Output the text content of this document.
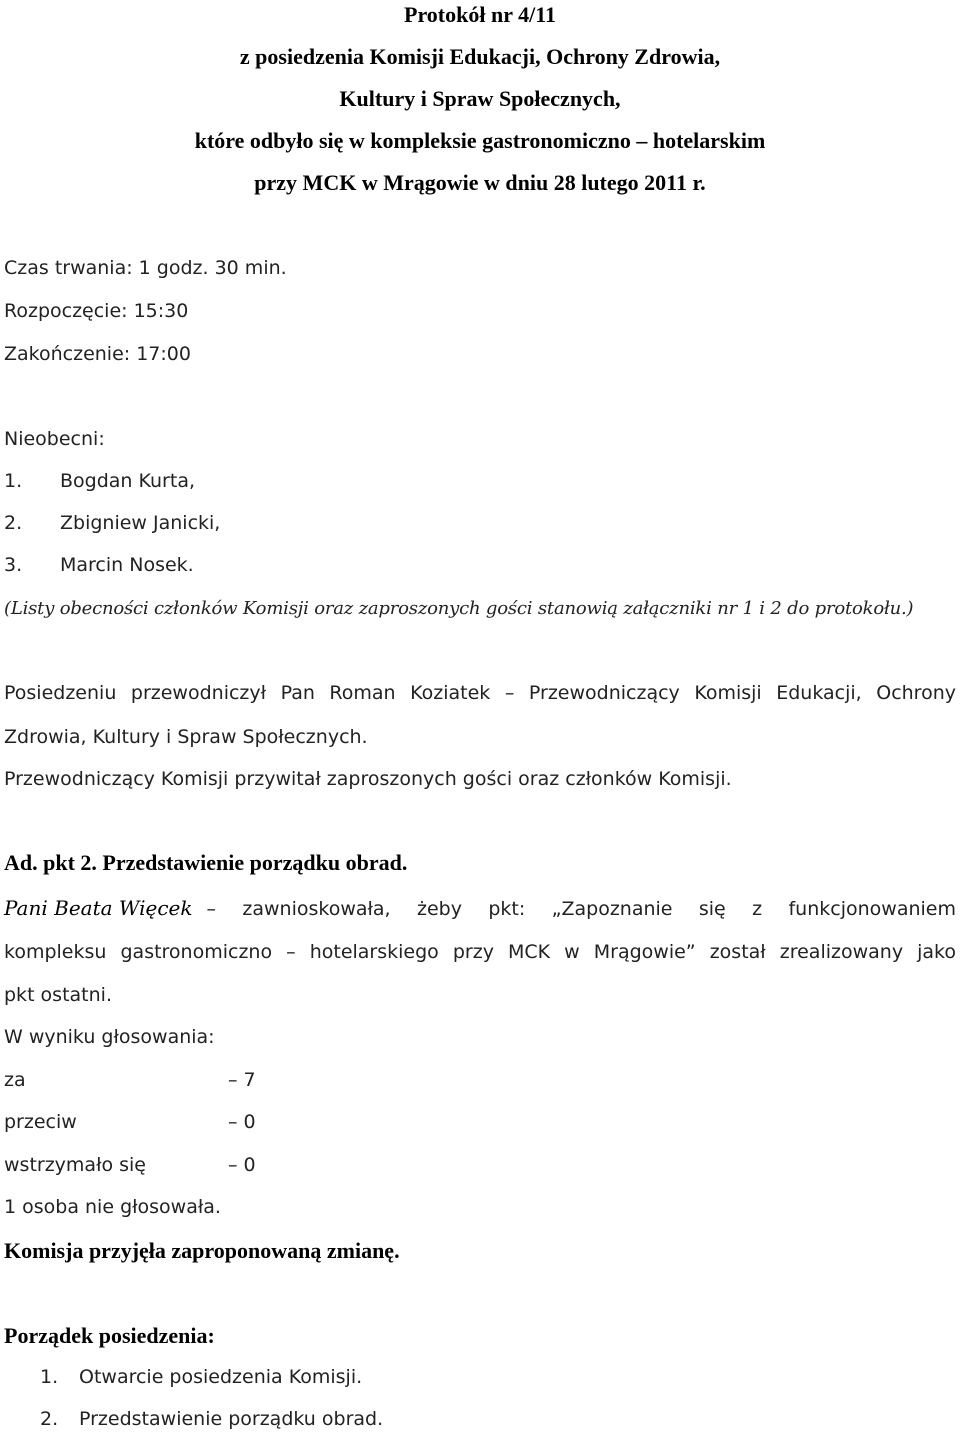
Protokół nr 4/11
z posiedzenia Komisji Edukacji, Ochrony Zdrowia,
Kultury i Spraw Społecznych,
które odbyło się w kompleksie gastronomiczno – hotelarskim
przy MCK w Mrągowie w dniu 28 lutego 2011 r.
Czas trwania: 1 godz. 30 min.
Rozpoczęcie: 15:30
Zakończenie: 17:00
Nieobecni:
1. Bogdan Kurta,
2. Zbigniew Janicki,
3. Marcin Nosek.
(Listy obecności członków Komisji oraz zaproszonych gości stanowią załączniki nr 1 i 2 do protokołu.)
Posiedzeniu przewodniczył Pan Roman Koziatek – Przewodniczący Komisji Edukacji, Ochrony
Zdrowia, Kultury i Spraw Społecznych.
Przewodniczący Komisji przywitał zaproszonych gości oraz członków Komisji.
Ad. pkt 2. Przedstawienie porządku obrad.
Pani Beata Więcek – zawnioskowała, żeby pkt: „Zapoznanie się z funkcjonowaniem
kompleksu gastronomiczno – hotelarskiego przy MCK w Mrągowie” został zrealizowany jako
pkt ostatni.
W wyniku głosowania:
za	– 7
przeciw	– 0
wstrzymało się	– 0
1 osoba nie głosowała.
Komisja przyjęła zaproponowaną zmianę.
Porządek posiedzenia:
1. Otwarcie posiedzenia Komisji.
2. Przedstawienie porządku obrad.
